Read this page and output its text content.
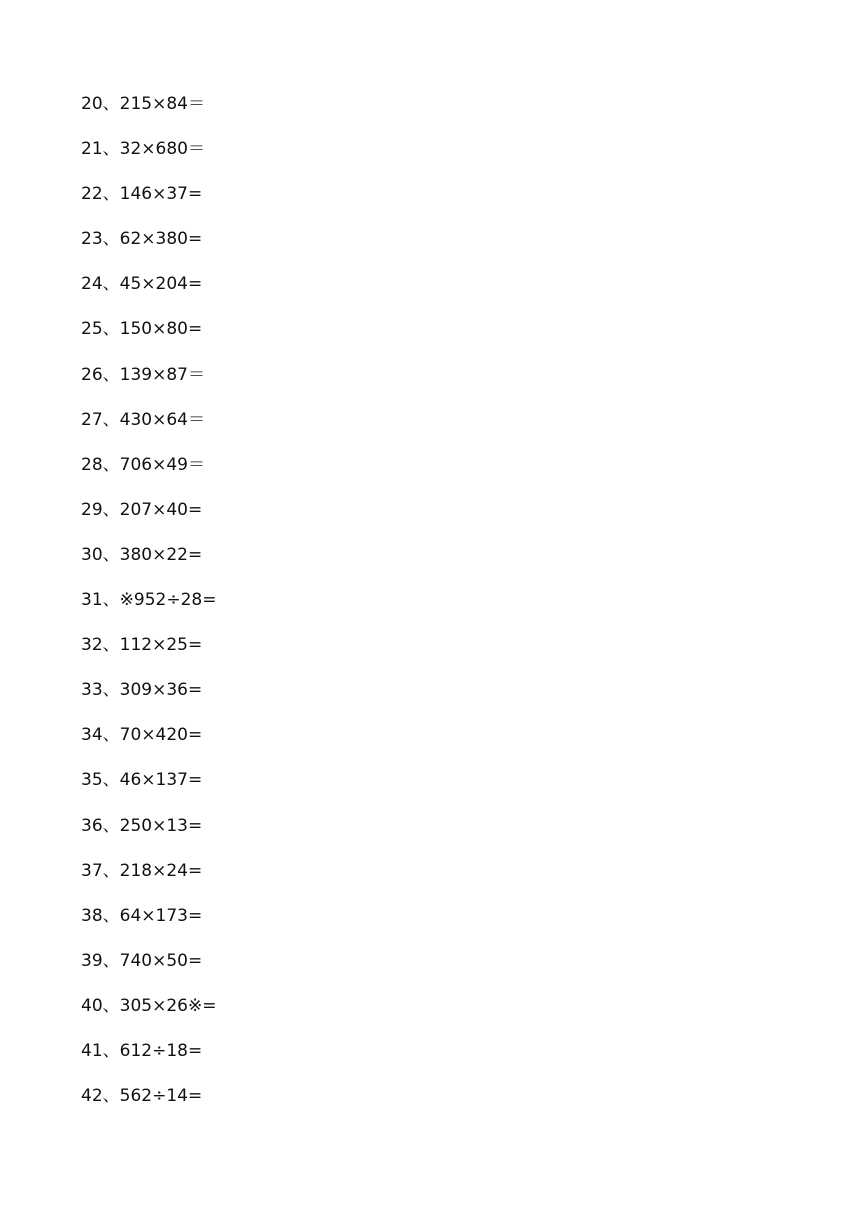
20、215×84＝
21、32×680＝
22、146×37=
23、62×380=
24、45×204=
25、150×80=
26、139×87＝
27、430×64＝
28、706×49＝
29、207×40=
30、380×22=
31、※952÷28=
32、112×25=
33、309×36=
34、70×420=
35、46×137=
36、250×13=
37、218×24=
38、64×173=
39、740×50=
40、305×26※=
41、612÷18=
42、562÷14=
